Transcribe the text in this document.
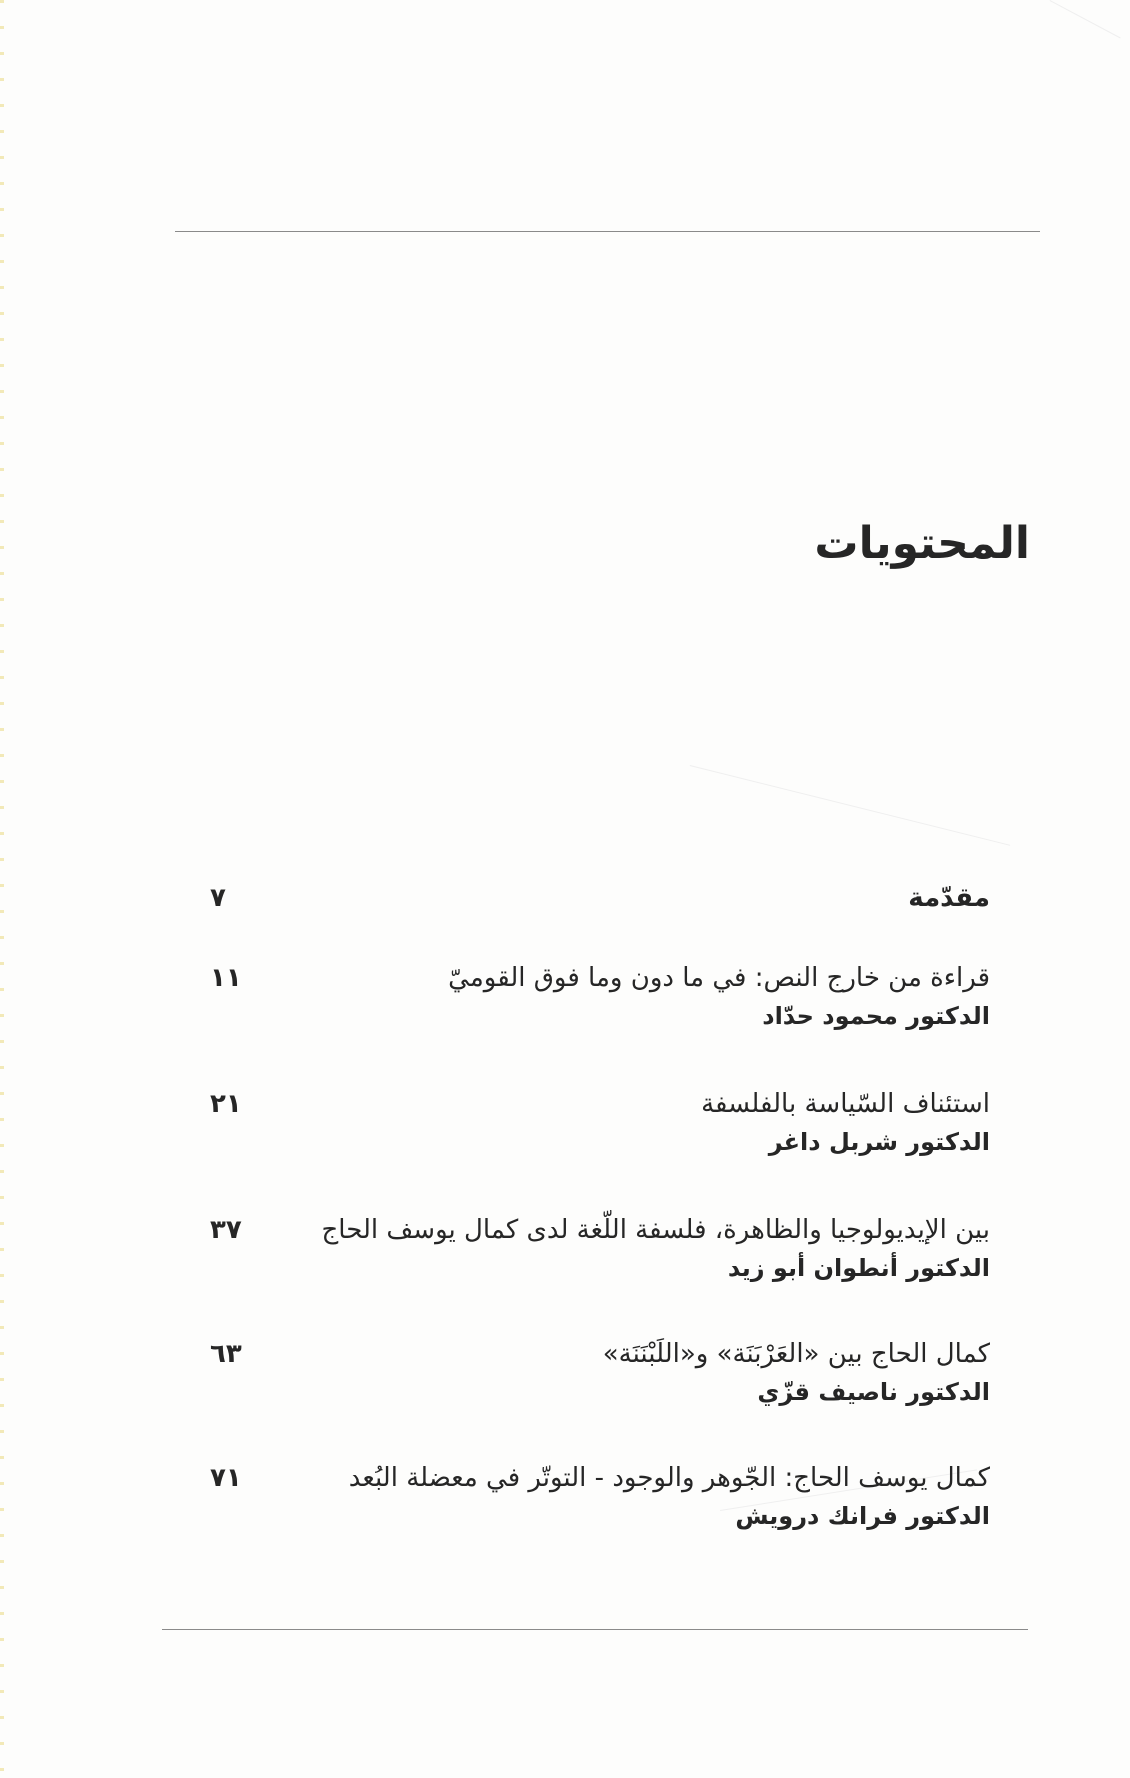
المحتويات
مقدّمة
٧
قراءة من خارج النص: في ما دون وما فوق القوميّ
الدكتور محمود حدّاد
١١
استئناف السّياسة بالفلسفة
الدكتور شربل داغر
٢١
بين الإيديولوجيا والظاهرة، فلسفة اللّغة لدى كمال يوسف الحاج
الدكتور أنطوان أبو زيد
٣٧
كمال الحاج بين «العَرْبَنَة» و«اللَبْنَنَة»
الدكتور ناصيف قزّي
٦٣
كمال يوسف الحاج: الجّوهر والوجود - التوتّر في معضلة البُعد
الدكتور فرانك درويش
٧١
